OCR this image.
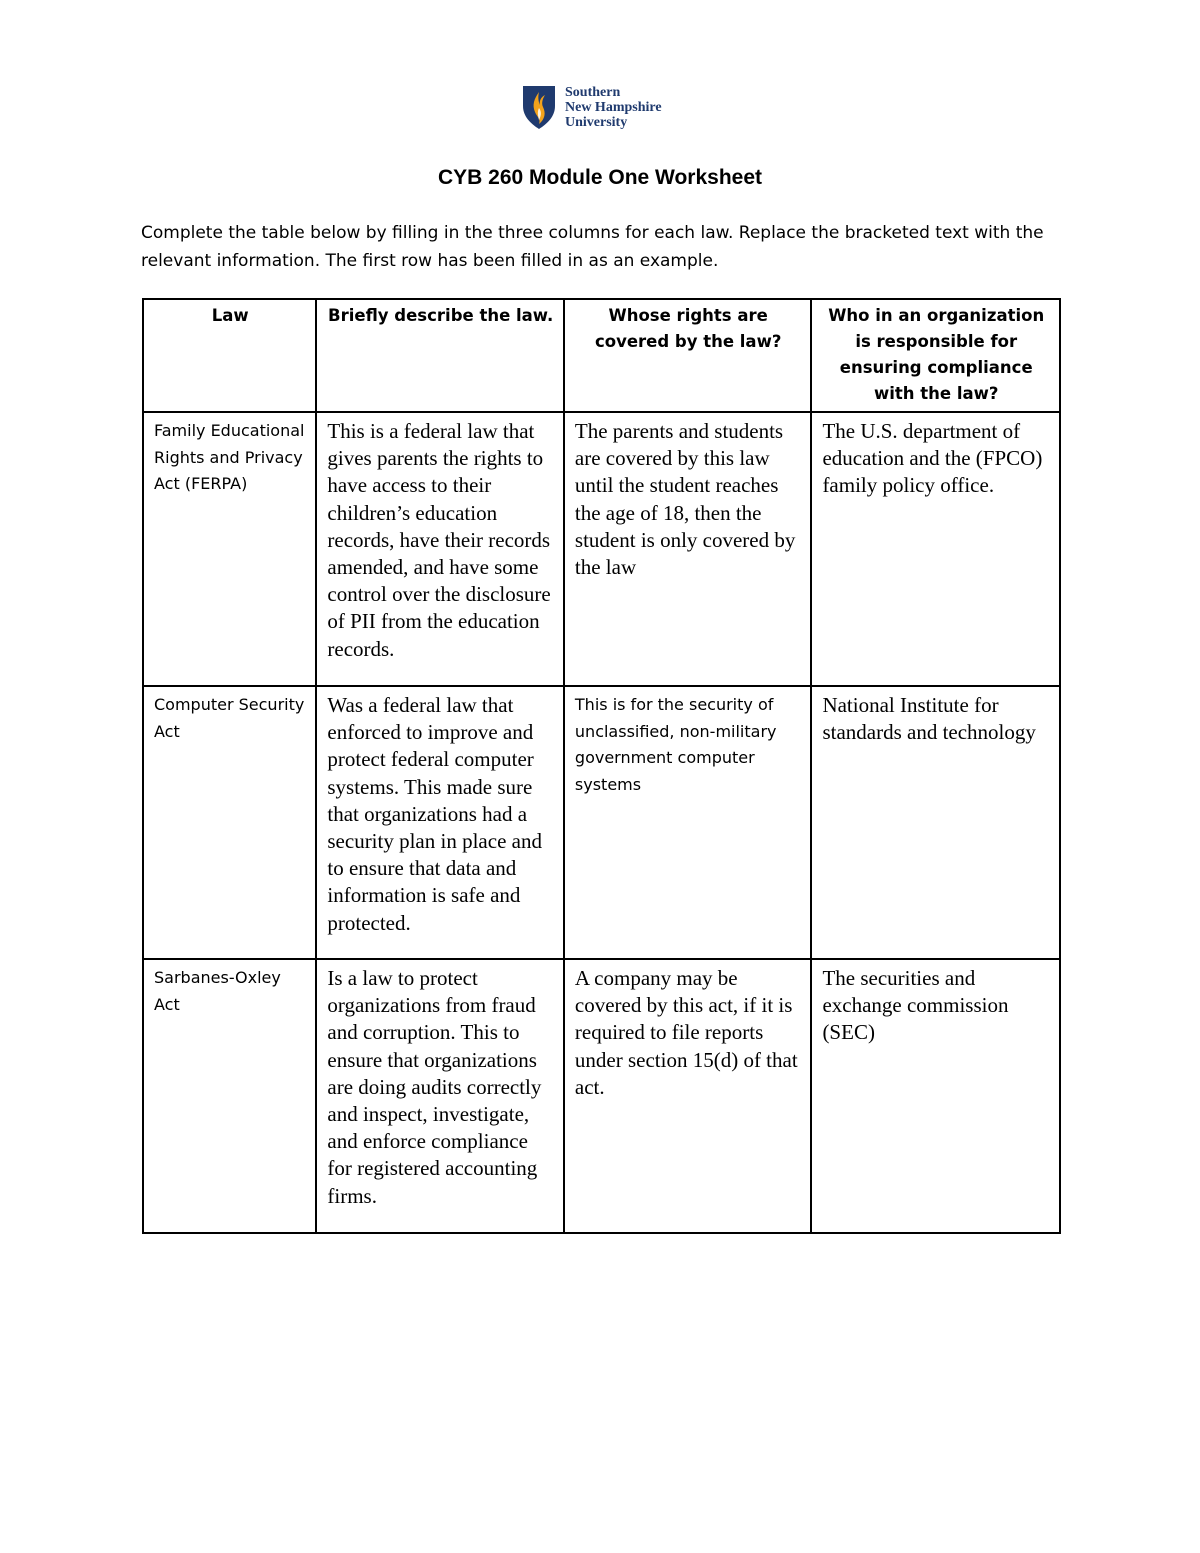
Southern
New Hampshire
University
CYB 260 Module One Worksheet
Complete the table below by filling in the three columns for each law. Replace the bracketed text with the relevant information. The first row has been filled in as an example.
Law	Briefly describe the law.	Whose rights are covered by the law?	Who in an organization is responsible for ensuring compliance with the law?
Family Educational Rights and Privacy Act (FERPA)	This is a federal law that gives parents the rights to have access to their children’s education records, have their records amended, and have some control over the disclosure of PII from the education records.	The parents and students are covered by this law until the student reaches the age of 18, then the student is only covered by the law	The U.S. department of education and the (FPCO) family policy office.
Computer Security Act	Was a federal law that enforced to improve and protect federal computer systems. This made sure that organizations had a security plan in place and to ensure that data and information is safe and protected.	This is for the security of unclassified, non-military government computer systems	National Institute for standards and technology
Sarbanes-Oxley Act	Is a law to protect organizations from fraud and corruption. This to ensure that organizations are doing audits correctly and inspect, investigate, and enforce compliance for registered accounting firms.	A company may be covered by this act, if it is required to file reports under section 15(d) of that act.	The securities and exchange commission (SEC)
